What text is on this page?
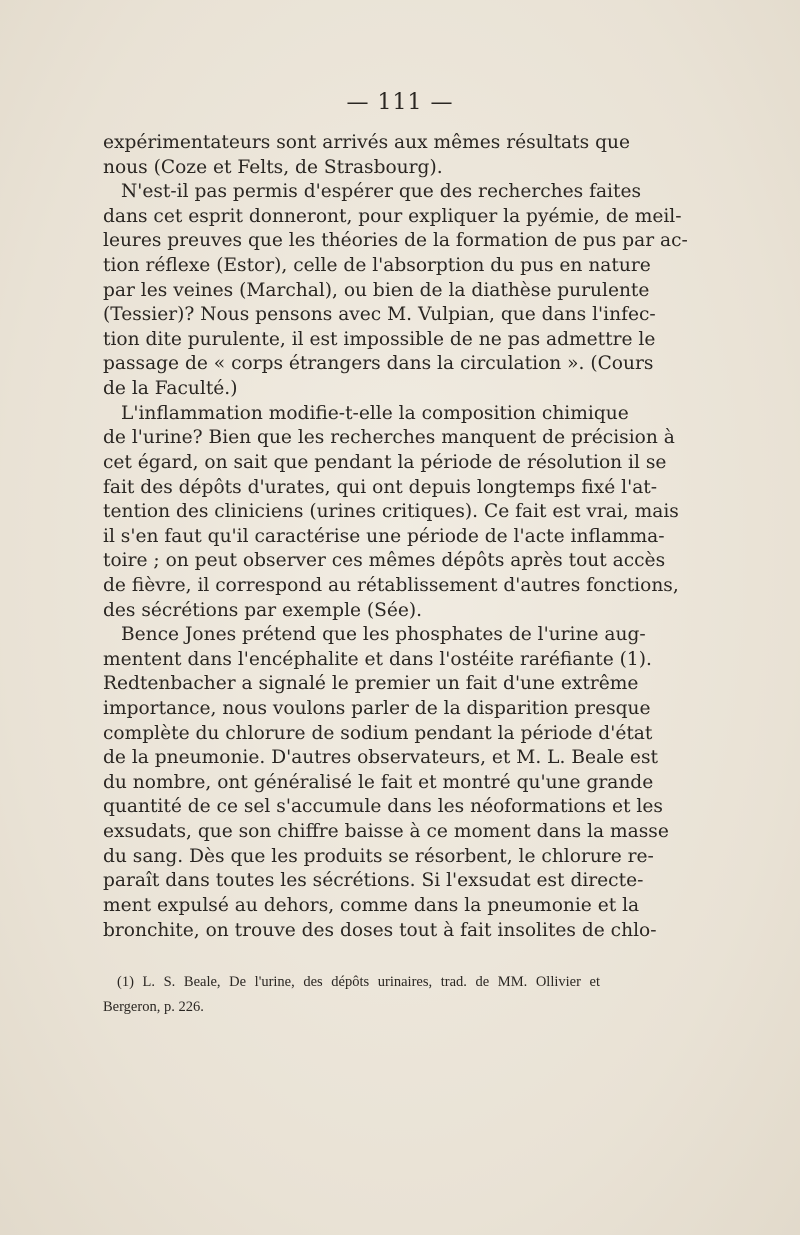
— 111 —
expérimentateurs sont arrivés aux mêmes résultats que
nous (Coze et Felts, de Strasbourg).
N'est-il pas permis d'espérer que des recherches faites
dans cet esprit donneront, pour expliquer la pyémie, de meil-
leures preuves que les théories de la formation de pus par ac-
tion réflexe (Estor), celle de l'absorption du pus en nature
par les veines (Marchal), ou bien de la diathèse purulente
(Tessier)? Nous pensons avec M. Vulpian, que dans l'infec-
tion dite purulente, il est impossible de ne pas admettre le
passage de « corps étrangers dans la circulation ». (Cours
de la Faculté.)
L'inflammation modifie-t-elle la composition chimique
de l'urine? Bien que les recherches manquent de précision à
cet égard, on sait que pendant la période de résolution il se
fait des dépôts d'urates, qui ont depuis longtemps fixé l'at-
tention des cliniciens (urines critiques). Ce fait est vrai, mais
il s'en faut qu'il caractérise une période de l'acte inflamma-
toire ; on peut observer ces mêmes dépôts après tout accès
de fièvre, il correspond au rétablissement d'autres fonctions,
des sécrétions par exemple (Sée).
Bence Jones prétend que les phosphates de l'urine aug-
mentent dans l'encéphalite et dans l'ostéite raréfiante (1).
Redtenbacher a signalé le premier un fait d'une extrême
importance, nous voulons parler de la disparition presque
complète du chlorure de sodium pendant la période d'état
de la pneumonie. D'autres observateurs, et M. L. Beale est
du nombre, ont généralisé le fait et montré qu'une grande
quantité de ce sel s'accumule dans les néoformations et les
exsudats, que son chiffre baisse à ce moment dans la masse
du sang. Dès que les produits se résorbent, le chlorure re-
paraît dans toutes les sécrétions. Si l'exsudat est directe-
ment expulsé au dehors, comme dans la pneumonie et la
bronchite, on trouve des doses tout à fait insolites de chlo-
(1) L. S. Beale, De l'urine, des dépôts urinaires, trad. de MM. Ollivier et
Bergeron, p. 226.
